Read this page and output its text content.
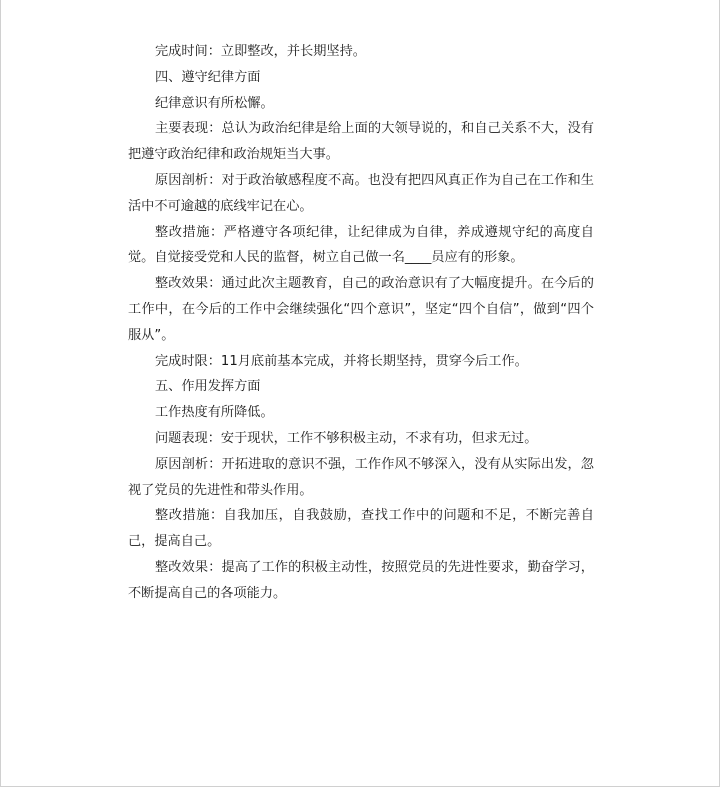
完成时间：立即整改，并长期坚持。

四、遵守纪律方面

纪律意识有所松懈。

主要表现：总认为政治纪律是给上面的大领导说的，和自己关系不大，没有把遵守政治纪律和政治规矩当大事。

原因剖析：对于政治敏感程度不高。也没有把四风真正作为自己在工作和生活中不可逾越的底线牢记在心。

整改措施：严格遵守各项纪律，让纪律成为自律，养成遵规守纪的高度自觉。自觉接受党和人民的监督，树立自己做一名____员应有的形象。

整改效果：通过此次主题教育，自己的政治意识有了大幅度提升。在今后的工作中，在今后的工作中会继续强化“四个意识”，坚定“四个自信”，做到“四个服从”。

完成时限：11月底前基本完成，并将长期坚持，贯穿今后工作。

五、作用发挥方面

工作热度有所降低。

问题表现：安于现状，工作不够积极主动，不求有功，但求无过。

原因剖析：开拓进取的意识不强，工作作风不够深入，没有从实际出发，忽视了党员的先进性和带头作用。

整改措施：自我加压，自我鼓励，查找工作中的问题和不足，不断完善自己，提高自己。

整改效果：提高了工作的积极主动性，按照党员的先进性要求，勤奋学习，不断提高自己的各项能力。
